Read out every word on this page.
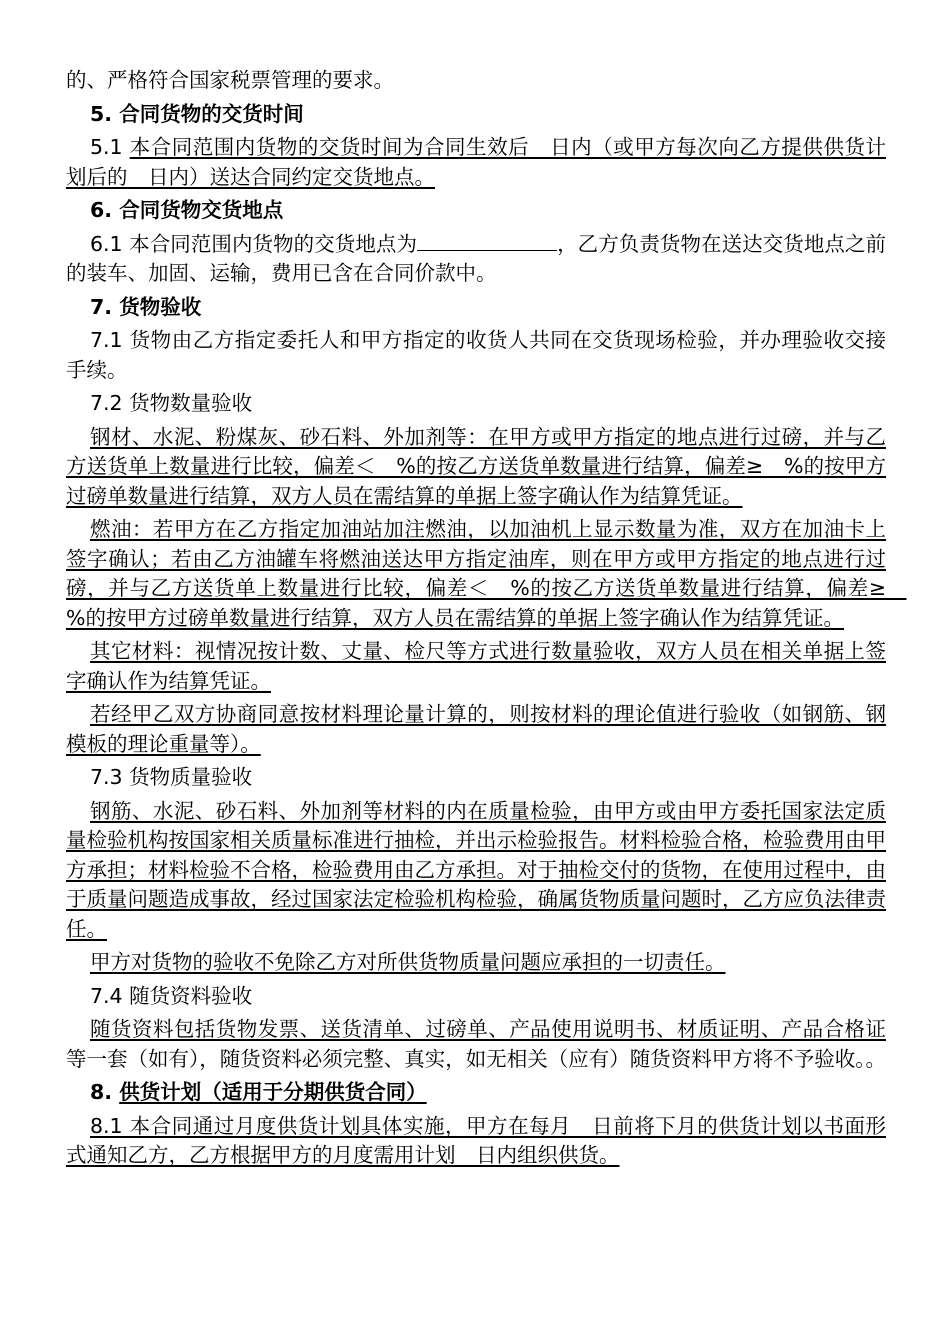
的、严格符合国家税票管理的要求。

5. 合同货物的交货时间

5.1 本合同范围内货物的交货时间为合同生效后　日内（或甲方每次向乙方提供供货计划后的　日内）送达合同约定交货地点。

6. 合同货物交货地点

6.1 本合同范围内货物的交货地点为	，乙方负责货物在送达交货地点之前的装车、加固、运输，费用已含在合同价款中。

7. 货物验收

7.1 货物由乙方指定委托人和甲方指定的收货人共同在交货现场检验，并办理验收交接手续。

7.2 货物数量验收

钢材、水泥、粉煤灰、砂石料、外加剂等：在甲方或甲方指定的地点进行过磅，并与乙方送货单上数量进行比较，偏差＜　%的按乙方送货单数量进行结算，偏差≥　%的按甲方过磅单数量进行结算，双方人员在需结算的单据上签字确认作为结算凭证。

燃油：若甲方在乙方指定加油站加注燃油，以加油机上显示数量为准，双方在加油卡上签字确认；若由乙方油罐车将燃油送达甲方指定油库，则在甲方或甲方指定的地点进行过磅，并与乙方送货单上数量进行比较，偏差＜　%的按乙方送货单数量进行结算，偏差≥　%的按甲方过磅单数量进行结算，双方人员在需结算的单据上签字确认作为结算凭证。

其它材料：视情况按计数、丈量、检尺等方式进行数量验收，双方人员在相关单据上签字确认作为结算凭证。

若经甲乙双方协商同意按材料理论量计算的，则按材料的理论值进行验收（如钢筋、钢模板的理论重量等）。

7.3 货物质量验收

钢筋、水泥、砂石料、外加剂等材料的内在质量检验，由甲方或由甲方委托国家法定质量检验机构按国家相关质量标准进行抽检，并出示检验报告。材料检验合格，检验费用由甲方承担；材料检验不合格，检验费用由乙方承担。对于抽检交付的货物，在使用过程中，由于质量问题造成事故，经过国家法定检验机构检验，确属货物质量问题时，乙方应负法律责任。

甲方对货物的验收不免除乙方对所供货物质量问题应承担的一切责任。

7.4 随货资料验收

随货资料包括货物发票、送货清单、过磅单、产品使用说明书、材质证明、产品合格证等一套（如有），随货资料必须完整、真实，如无相关（应有）随货资料甲方将不予验收。。

8. 供货计划（适用于分期供货合同）

8.1 本合同通过月度供货计划具体实施，甲方在每月　日前将下月的供货计划以书面形式通知乙方，乙方根据甲方的月度需用计划　日内组织供货。
